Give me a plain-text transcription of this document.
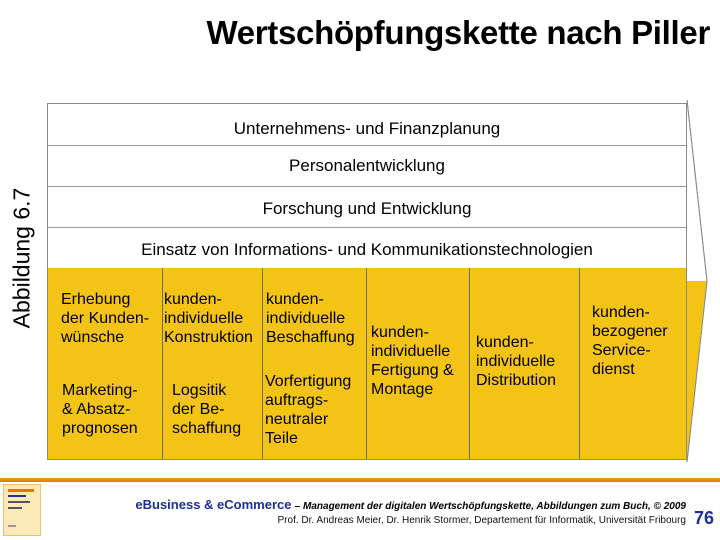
Wertschöpfungskette nach Piller
Abbildung 6.7
Unternehmens- und Finanzplanung
Personalentwicklung
Forschung und Entwicklung
Einsatz von Informations- und Kommunikationstechnologien
Erhebung
der Kunden-
wünsche
Marketing-
& Absatz-
prognosen
kunden-
individuelle
Konstruktion
Logsitik
der Be-
schaffung
kunden-
individuelle
Beschaffung
Vorfertigung
auftrags-
neutraler
Teile
kunden-
individuelle
Fertigung &
Montage
kunden-
individuelle
Distribution
kunden-
bezogener
Service-
dienst
eBusiness & eCommerce – Management der digitalen Wertschöpfungskette, Abbildungen zum Buch, © 2009
Prof. Dr. Andreas Meier, Dr. Henrik Stormer, Departement für Informatik, Universität Fribourg 76
